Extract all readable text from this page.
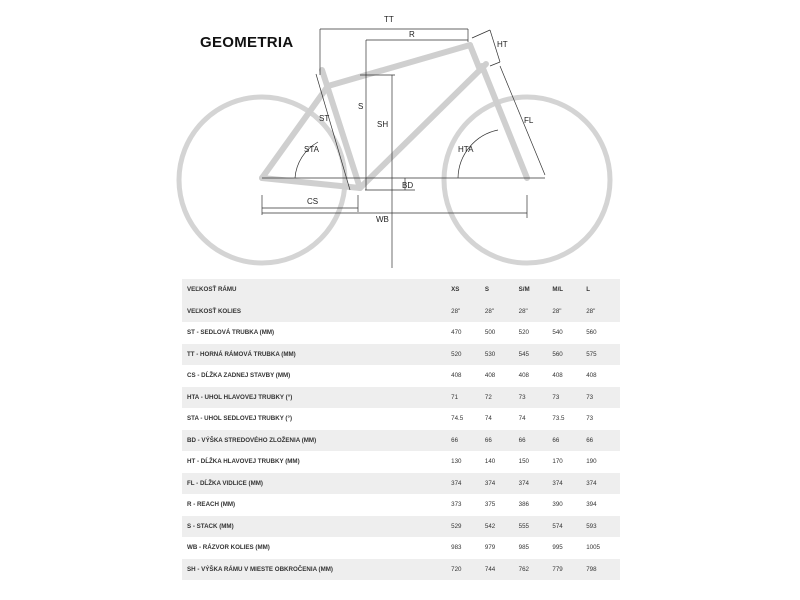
GEOMETRIA
TT
R
HT
S
ST
SH	FL
STA	HTA
BD
CS
WB
VEĽKOSŤ RÁMU	XS	S	S/M	M/L	L
VEĽKOSŤ KOLIES	28"	28"	28"	28"	28"
ST - SEDLOVÁ TRUBKA (MM)	470	500	520	540	560
TT - HORNÁ RÁMOVÁ TRUBKA (MM)	520	530	545	560	575
CS - DĹŽKA ZADNEJ STAVBY (MM)	408	408	408	408	408
HTA - UHOL HLAVOVEJ TRUBKY (°)	71	72	73	73	73
STA - UHOL SEDLOVEJ TRUBKY (°)	74.5	74	74	73.5	73
BD - VÝŠKA STREDOVÉHO ZLOŽENIA (MM)	66	66	66	66	66
HT - DĹŽKA HLAVOVEJ TRUBKY (MM)	130	140	150	170	190
FL - DĹŽKA VIDLICE (MM)	374	374	374	374	374
R - REACH (MM)	373	375	386	390	394
S - STACK (MM)	529	542	555	574	593
WB - RÁZVOR KOLIES (MM)	983	979	985	995	1005
SH - VÝŠKA RÁMU V MIESTE OBKROČENIA (MM)	720	744	762	779	798
